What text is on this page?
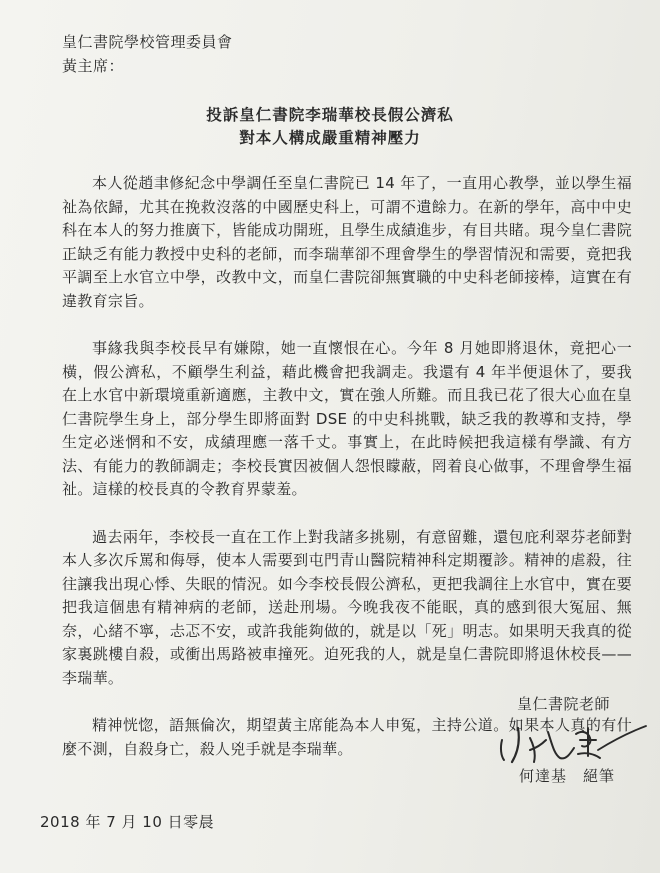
皇仁書院學校管理委員會
黃主席：
投訴皇仁書院李瑞華校長假公濟私
對本人構成嚴重精神壓力

本人從趙聿修紀念中學調任至皇仁書院已 14 年了，一直用心教學，並以學生福祉為依歸，尤其在挽救沒落的中國歷史科上，可謂不遺餘力。在新的學年，高中中史科在本人的努力推廣下，皆能成功開班，且學生成績進步，有目共睹。現今皇仁書院正缺乏有能力教授中史科的老師，而李瑞華卻不理會學生的學習情況和需要，竟把我平調至上水官立中學，改教中文，而皇仁書院卻無實職的中史科老師接棒，這實在有違教育宗旨。

事緣我與李校長早有嫌隙，她一直懷恨在心。今年 8 月她即將退休，竟把心一橫，假公濟私，不顧學生利益，藉此機會把我調走。我還有 4 年半便退休了，要我在上水官中新環境重新適應，主教中文，實在強人所難。而且我已花了很大心血在皇仁書院學生身上，部分學生即將面對 DSE 的中史科挑戰，缺乏我的教導和支持，學生定必迷惘和不安，成績理應一落千丈。事實上，在此時候把我這樣有學識、有方法、有能力的教師調走；李校長實因被個人怨恨矇蔽，罔着良心做事，不理會學生福祉。這樣的校長真的令教育界蒙羞。

過去兩年，李校長一直在工作上對我諸多挑剔，有意留難，還包庇利翠芬老師對本人多次斥罵和侮辱，使本人需要到屯門青山醫院精神科定期覆診。精神的虐殺，往往讓我出現心悸、失眠的情況。如今李校長假公濟私，更把我調往上水官中，實在要把我這個患有精神病的老師，送赴刑場。今晚我夜不能眠，真的感到很大冤屈、無奈，心緒不寧，忐忑不安，或許我能夠做的，就是以「死」明志。如果明天我真的從家裏跳樓自殺，或衝出馬路被車撞死。迫死我的人，就是皇仁書院即將退休校長——李瑞華。

精神恍惚，語無倫次，期望黃主席能為本人申冤，主持公道。如果本人真的有什麼不測，自殺身亡，殺人兇手就是李瑞華。

皇仁書院老師
何達基　絕筆
2018 年 7 月 10 日零晨
